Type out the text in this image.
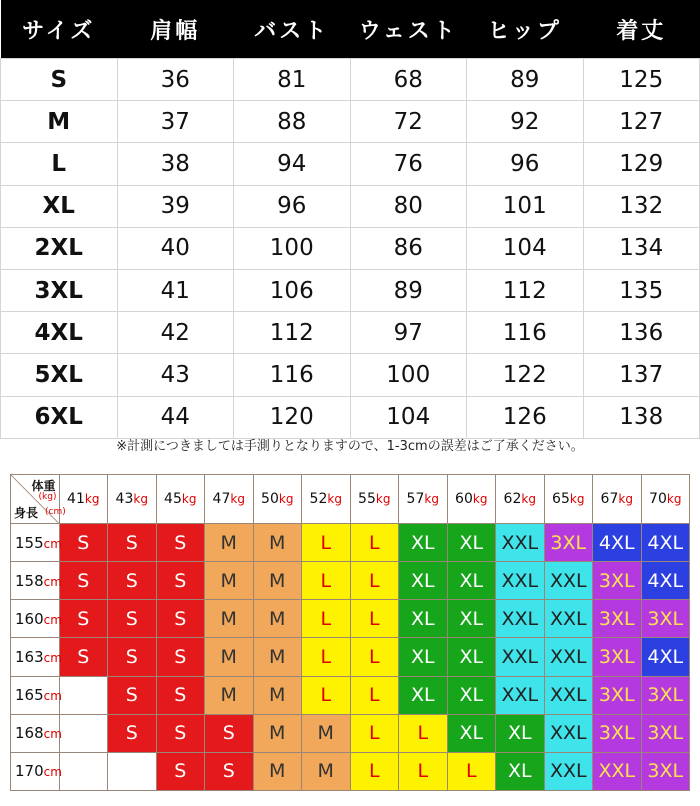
サイズ	肩幅	バスト	ウェスト	ヒップ	着丈
S	36	81	68	89	125
M	37	88	72	92	127
L	38	94	76	96	129
XL	39	96	80	101	132
2XL	40	100	86	104	134
3XL	41	106	89	112	135
4XL	42	112	97	116	136
5XL	43	116	100	122	137
6XL	44	120	104	126	138
※計測につきましては手測りとなりますので、1-3cmの誤差はご了承ください。
体重
(kg)
身長 (cm)	41kg	43kg	45kg	47kg	50kg	52kg	55kg	57kg	60kg	62kg	65kg	67kg	70kg
155cm	S	S	S	M	M	L	L	XL	XL	XXL	3XL	4XL	4XL
158cm	S	S	S	M	M	L	L	XL	XL	XXL	XXL	3XL	4XL
160cm	S	S	S	M	M	L	L	XL	XL	XXL	XXL	3XL	3XL
163cm	S	S	S	M	M	L	L	XL	XL	XXL	XXL	3XL	4XL
165cm		S	S	M	M	L	L	XL	XL	XXL	XXL	3XL	3XL
168cm		S	S	S	M	M	L	L	XL	XL	XXL	3XL	3XL
170cm			S	S	M	M	L	L	L	XL	XXL	XXL	3XL
